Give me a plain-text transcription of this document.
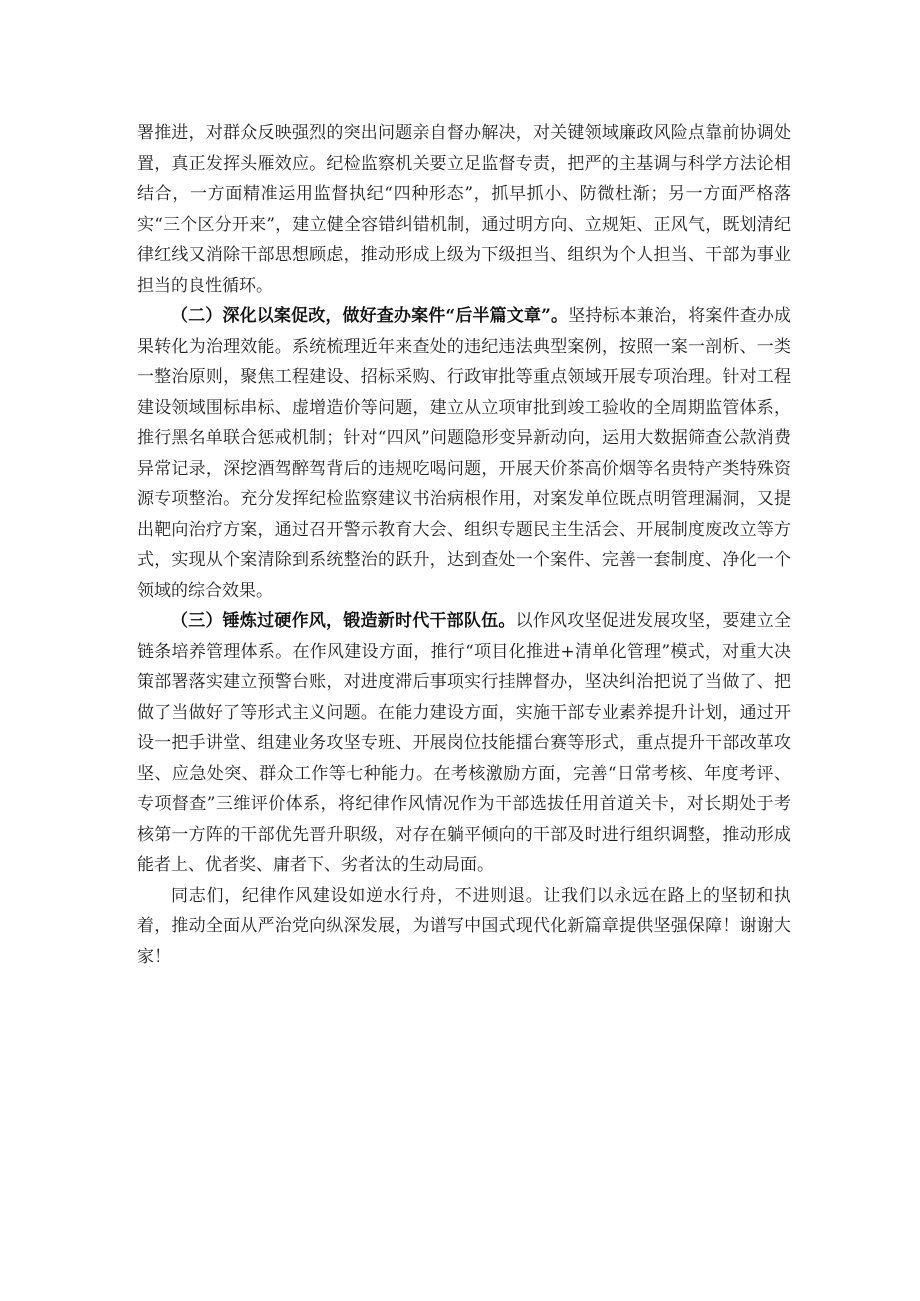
署推进，对群众反映强烈的突出问题亲自督办解决，对关键领域廉政风险点靠前协调处置，真正发挥头雁效应。纪检监察机关要立足监督专责，把严的主基调与科学方法论相结合，一方面精准运用监督执纪“四种形态”，抓早抓小、防微杜渐；另一方面严格落实“三个区分开来”，建立健全容错纠错机制，通过明方向、立规矩、正风气，既划清纪律红线又消除干部思想顾虑，推动形成上级为下级担当、组织为个人担当、干部为事业担当的良性循环。

（二）深化以案促改，做好查办案件“后半篇文章”。坚持标本兼治，将案件查办成果转化为治理效能。系统梳理近年来查处的违纪违法典型案例，按照一案一剖析、一类一整治原则，聚焦工程建设、招标采购、行政审批等重点领域开展专项治理。针对工程建设领域围标串标、虚增造价等问题，建立从立项审批到竣工验收的全周期监管体系，推行黑名单联合惩戒机制；针对“四风”问题隐形变异新动向，运用大数据筛查公款消费异常记录，深挖酒驾醉驾背后的违规吃喝问题，开展天价茶高价烟等名贵特产类特殊资源专项整治。充分发挥纪检监察建议书治病根作用，对案发单位既点明管理漏洞，又提出靶向治疗方案，通过召开警示教育大会、组织专题民主生活会、开展制度废改立等方式，实现从个案清除到系统整治的跃升，达到查处一个案件、完善一套制度、净化一个领域的综合效果。

（三）锤炼过硬作风，锻造新时代干部队伍。以作风攻坚促进发展攻坚，要建立全链条培养管理体系。在作风建设方面，推行“项目化推进+清单化管理”模式，对重大决策部署落实建立预警台账，对进度滞后事项实行挂牌督办，坚决纠治把说了当做了、把做了当做好了等形式主义问题。在能力建设方面，实施干部专业素养提升计划，通过开设一把手讲堂、组建业务攻坚专班、开展岗位技能擂台赛等形式，重点提升干部改革攻坚、应急处突、群众工作等七种能力。在考核激励方面，完善“日常考核、年度考评、专项督查”三维评价体系，将纪律作风情况作为干部选拔任用首道关卡，对长期处于考核第一方阵的干部优先晋升职级，对存在躺平倾向的干部及时进行组织调整，推动形成能者上、优者奖、庸者下、劣者汰的生动局面。

同志们，纪律作风建设如逆水行舟，不进则退。让我们以永远在路上的坚韧和执着，推动全面从严治党向纵深发展，为谱写中国式现代化新篇章提供坚强保障！谢谢大家！
